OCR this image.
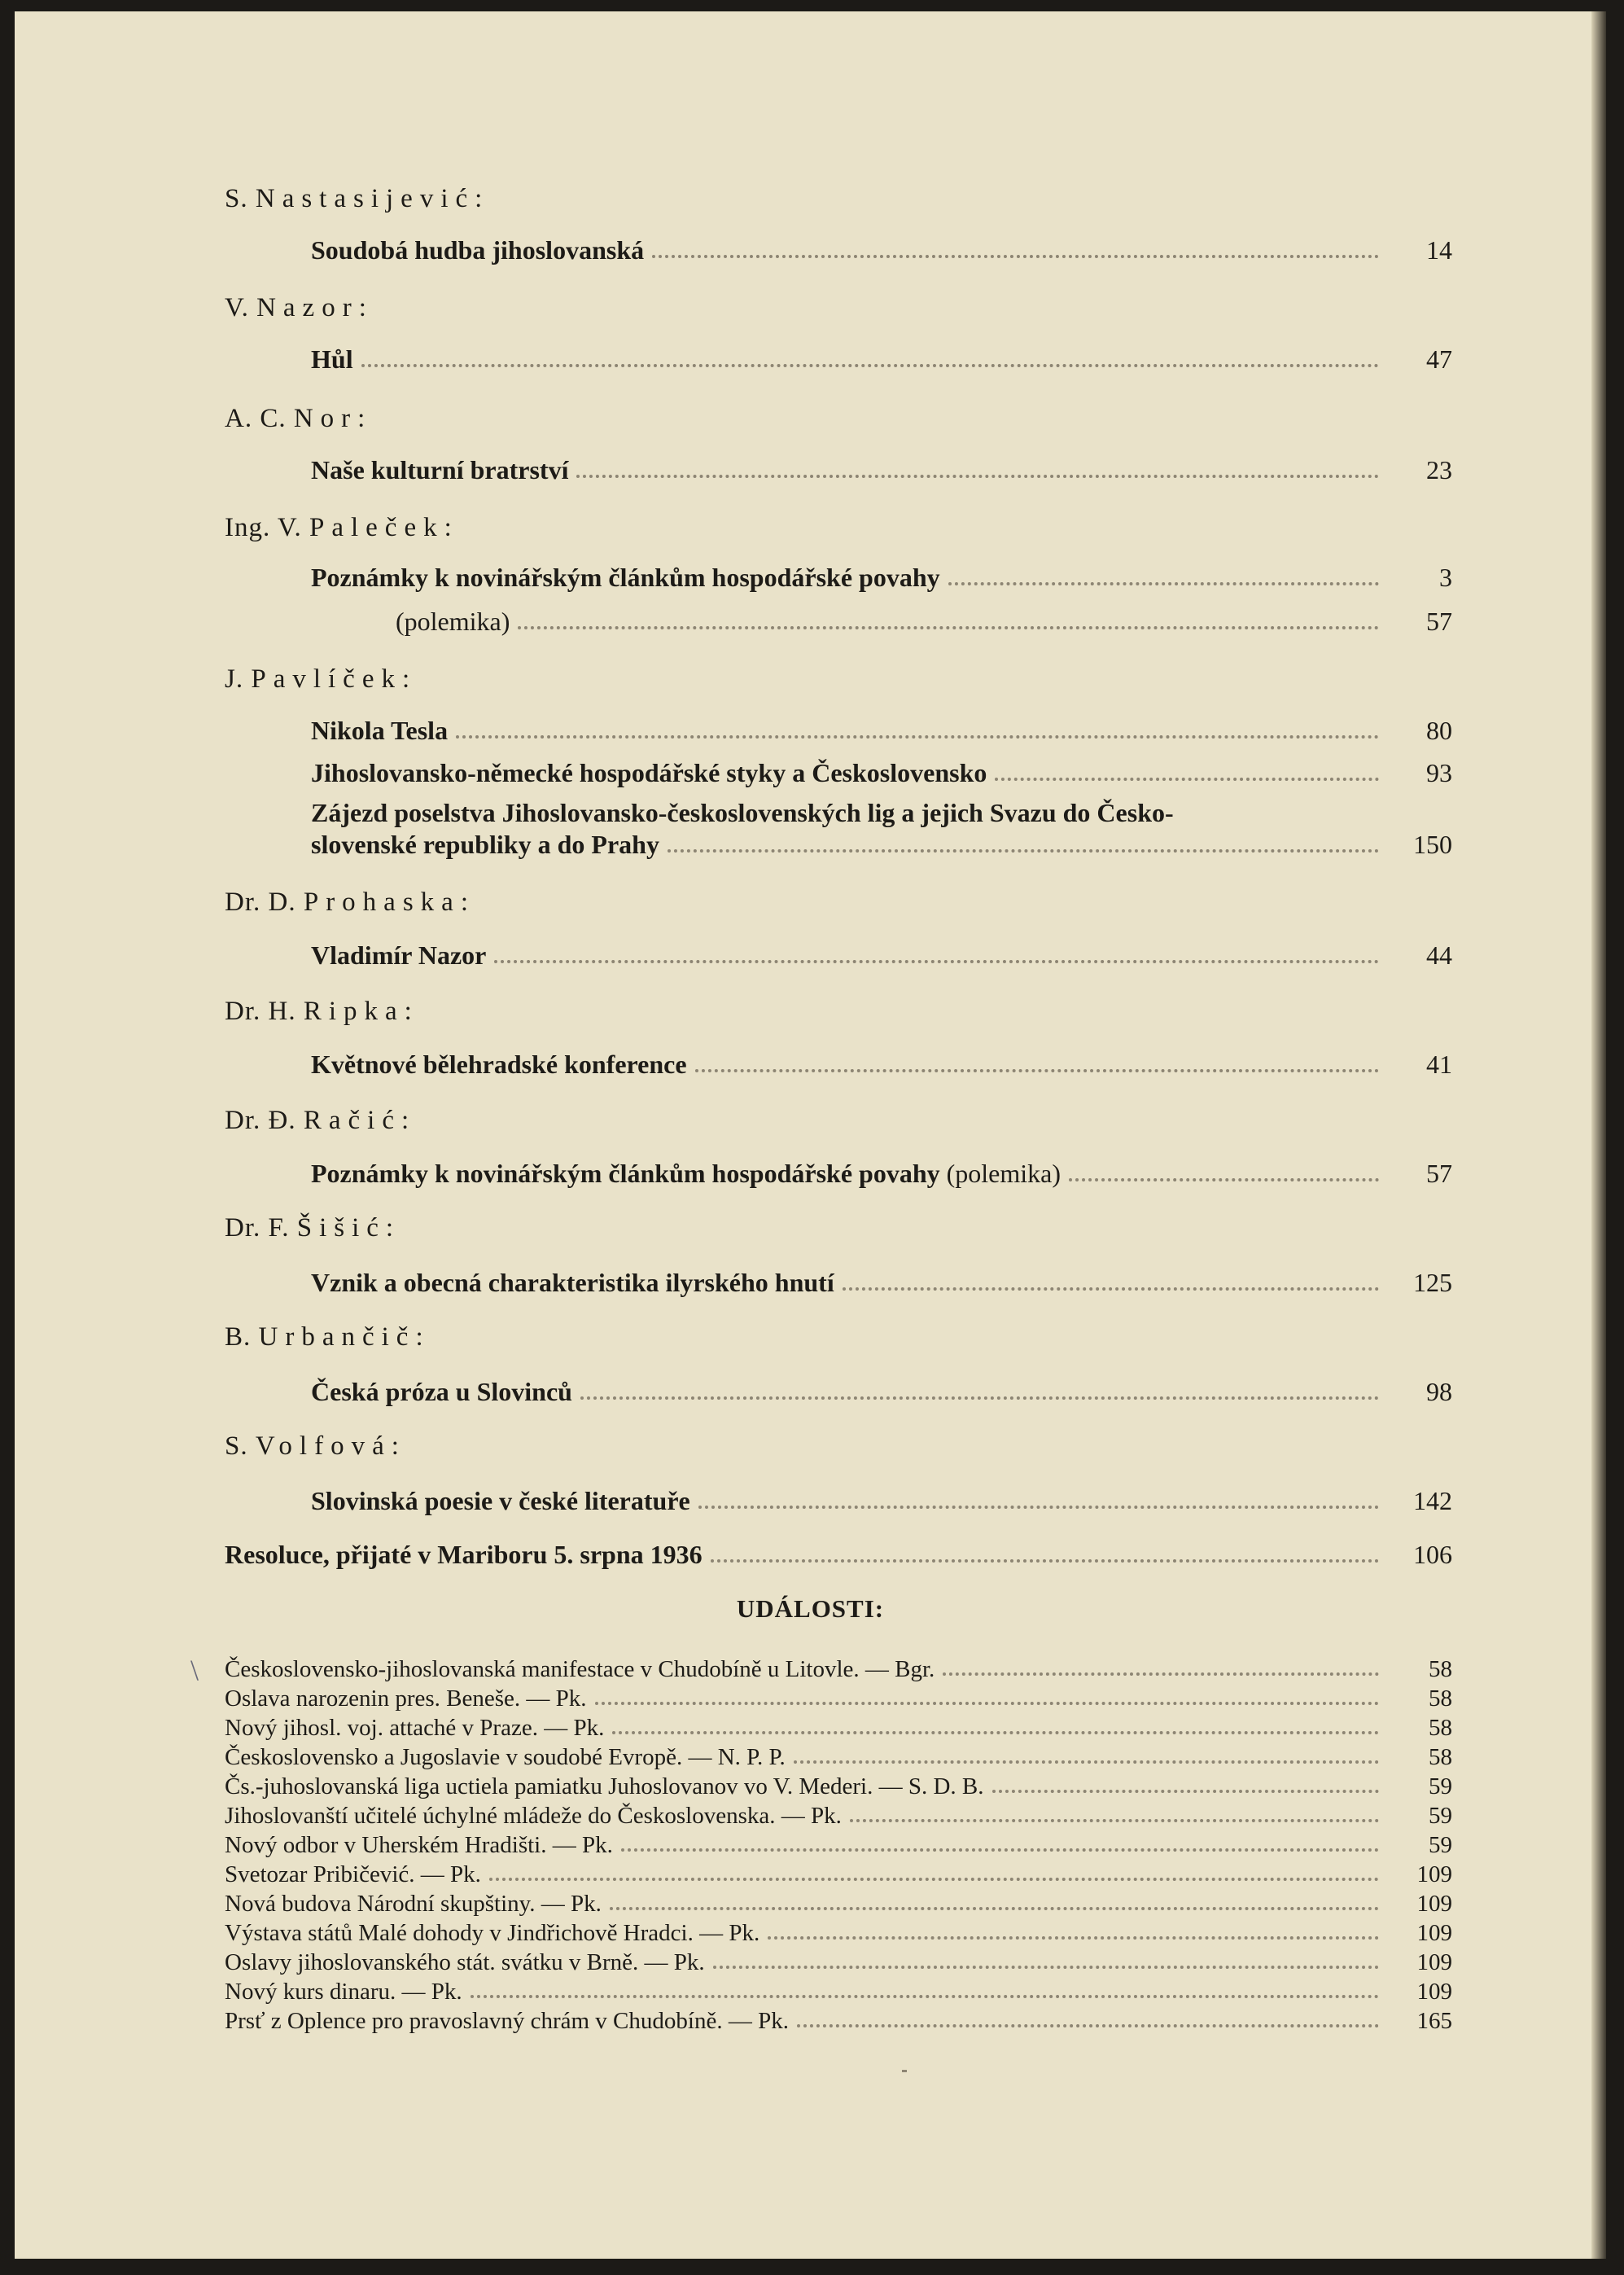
S. Nastasijević:
Soudobá hudba jihoslovanská	14
V. Nazor:
Hůl	47
A. C. Nor:
Naše kulturní bratrství	23
Ing. V. Paleček:
Poznámky k novinářským článkům hospodářské povahy	3
(polemika)	57
J. Pavlíček:
Nikola Tesla	80
Jihoslovansko-německé hospodářské styky a Československo	93
Zájezd poselstva Jihoslovansko-československých lig a jejich Svazu do Česko-
slovenské republiky a do Prahy	150
Dr. D. Prohaska:
Vladimír Nazor	44
Dr. H. Ripka:
Květnové bělehradské konference	41
Dr. Đ. Račić:
Poznámky k novinářským článkům hospodářské povahy (polemika)	57
Dr. F. Šišić:
Vznik a obecná charakteristika ilyrského hnutí	125
B. Urbančič:
Česká próza u Slovinců	98
S. Volfová:
Slovinská poesie v české literatuře	142
Resoluce, přijaté v Mariboru 5. srpna 1936	106
UDÁLOSTI:
\ Československo-jihoslovanská manifestace v Chudobíně u Litovle. — Bgr.	58
Oslava narozenin pres. Beneše. — Pk.	58
Nový jihosl. voj. attaché v Praze. — Pk.	58
Československo a Jugoslavie v soudobé Evropě. — N. P. P.	58
Čs.-juhoslovanská liga uctiela pamiatku Juhoslovanov vo V. Mederi. — S. D. B.	59
Jihoslovanští učitelé úchylné mládeže do Československa. — Pk.	59
Nový odbor v Uherském Hradišti. — Pk.	59
Svetozar Pribičević. — Pk.	109
Nová budova Národní skupštiny. — Pk.	109
Výstava států Malé dohody v Jindřichově Hradci. — Pk.	109
Oslavy jihoslovanského stát. svátku v Brně. — Pk.	109
Nový kurs dinaru. — Pk.	109
Prsť z Oplence pro pravoslavný chrám v Chudobíně. — Pk.	165
